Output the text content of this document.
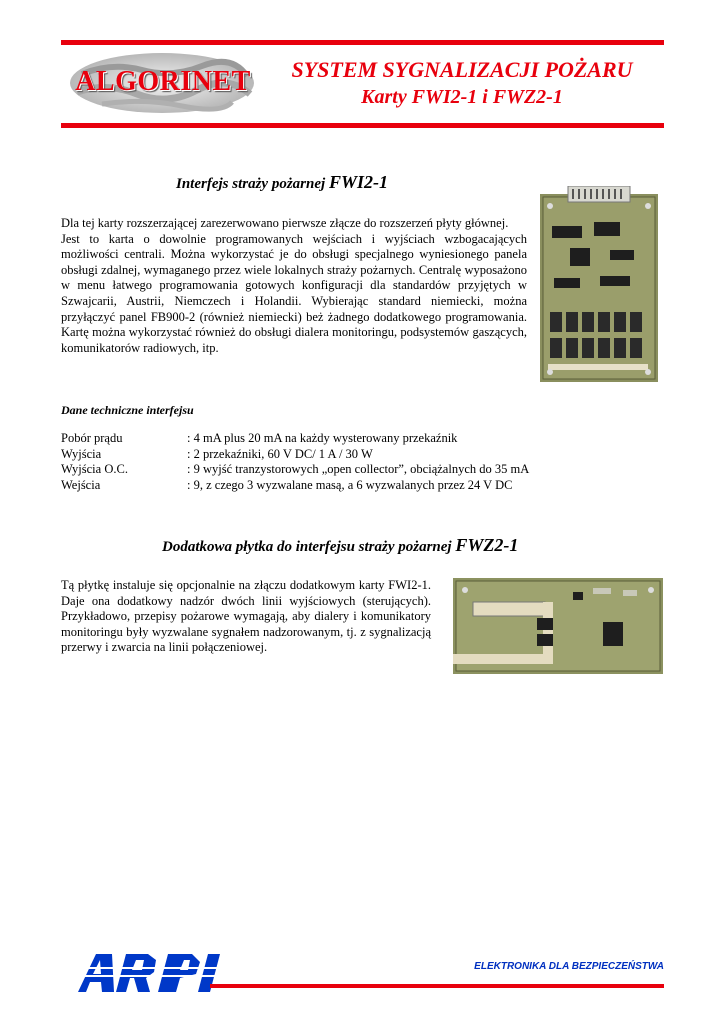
ALGORINET	SYSTEM SYGNALIZACJI POŻARU
Karty FWI2-1 i FWZ2-1
Interfejs straży pożarnej FWI2-1

Dla tej karty rozszerzającej zarezerwowano pierwsze złącze do rozszerzeń płyty głównej.

Jest to karta o dowolnie programowanych wejściach i wyjściach wzbogacających możliwości centrali. Można wykorzystać je do obsługi specjalnego wyniesionego panela obsługi zdalnej, wymaganego przez wiele lokalnych straży pożarnych. Centralę wyposażono w menu łatwego programowania gotowych konfiguracji dla standardów przyjętych w Szwajcarii, Austrii, Niemczech i Holandii. Wybierając standard niemiecki, można przyłączyć panel FB900-2 (również niemiecki) beż żadnego dodatkowego programowania. Kartę można wykorzystać również do obsługi dialera monitoringu, podsystemów gaszących, komunikatorów radiowych, itp.

Dane techniczne interfejsu
Pobór prądu	: 4 mA plus 20 mA na każdy wysterowany przekaźnik
Wyjścia	: 2 przekaźniki, 60 V DC/ 1 A / 30 W
Wyjścia O.C.	: 9 wyjść tranzystorowych „open collector”, obciążalnych do 35 mA
Wejścia	: 9, z czego 3 wyzwalane masą, a 6 wyzwalanych przez 24 V DC
Dodatkowa płytka do interfejsu straży pożarnej FWZ2-1

Tą płytkę instaluje się opcjonalnie na złączu dodatkowym karty FWI2-1. Daje ona dodatkowy nadzór dwóch linii wyjściowych (sterujących). Przykładowo, przepisy pożarowe wymagają, aby dialery i komunikatory monitoringu były wyzwalane sygnałem nadzorowanym, tj. z sygnalizacją przerwy i zwarcia na linii połączeniowej.

ELEKTRONIKA DLA BEZPIECZEŃSTWA
